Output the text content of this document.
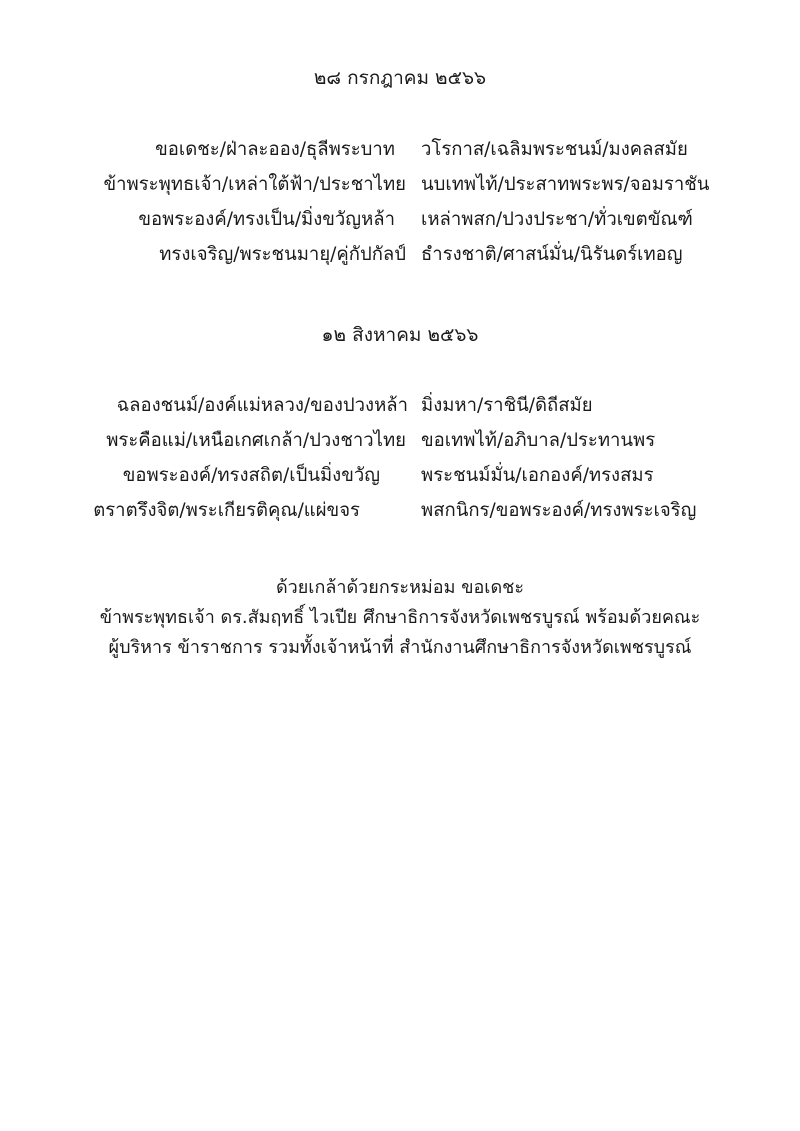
๒๘ กรกฎาคม ๒๕๖๖
ขอเดชะ/ฝ่าละออง/ธุลีพระบาท วโรกาส/เฉลิมพระชนม์/มงคลสมัย
ข้าพระพุทธเจ้า/เหล่าใต้ฟ้า/ประชาไทย นบเทพไท้/ประสาทพระพร/จอมราชัน
ขอพระองค์/ทรงเป็น/มิ่งขวัญหล้า เหล่าพสก/ปวงประชา/ทั่วเขตขัณฑ์
ทรงเจริญ/พระชนมายุ/คู่กัปกัลป์ ธำรงชาติ/ศาสน์มั่น/นิรันดร์เทอญ
๑๒ สิงหาคม ๒๕๖๖
ฉลองชนม์/องค์แม่หลวง/ของปวงหล้า มิ่งมหา/ราชินี/ดิถีสมัย
พระคือแม่/เหนือเกศเกล้า/ปวงชาวไทย ขอเทพไท้/อภิบาล/ประทานพร
ขอพระองค์/ทรงสถิต/เป็นมิ่งขวัญ พระชนม์มั่น/เอกองค์/ทรงสมร
ตราตรึงจิต/พระเกียรติคุณ/แผ่ขจร	พสกนิกร/ขอพระองค์/ทรงพระเจริญ
ด้วยเกล้าด้วยกระหม่อม ขอเดชะ
ข้าพระพุทธเจ้า ดร.สัมฤทธิ์ ไวเปีย ศึกษาธิการจังหวัดเพชรบูรณ์ พร้อมด้วยคณะ
ผู้บริหาร ข้าราชการ รวมทั้งเจ้าหน้าที่ สำนักงานศึกษาธิการจังหวัดเพชรบูรณ์
